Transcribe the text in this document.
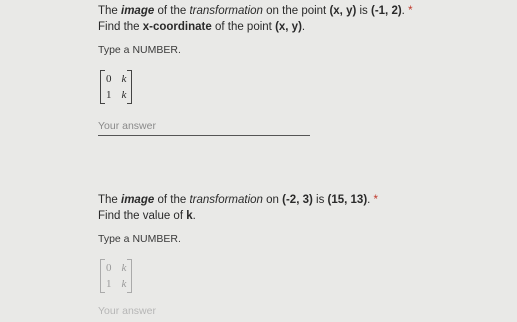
The image of the transformation on the point (x, y) is (-1, 2). *
Find the x-coordinate of the point (x, y).
Type a NUMBER.
0 k
1 k
Your answer
The image of the transformation on (-2, 3) is (15, 13). *
Find the value of k.
Type a NUMBER.
0 k
1 k
Your answer
